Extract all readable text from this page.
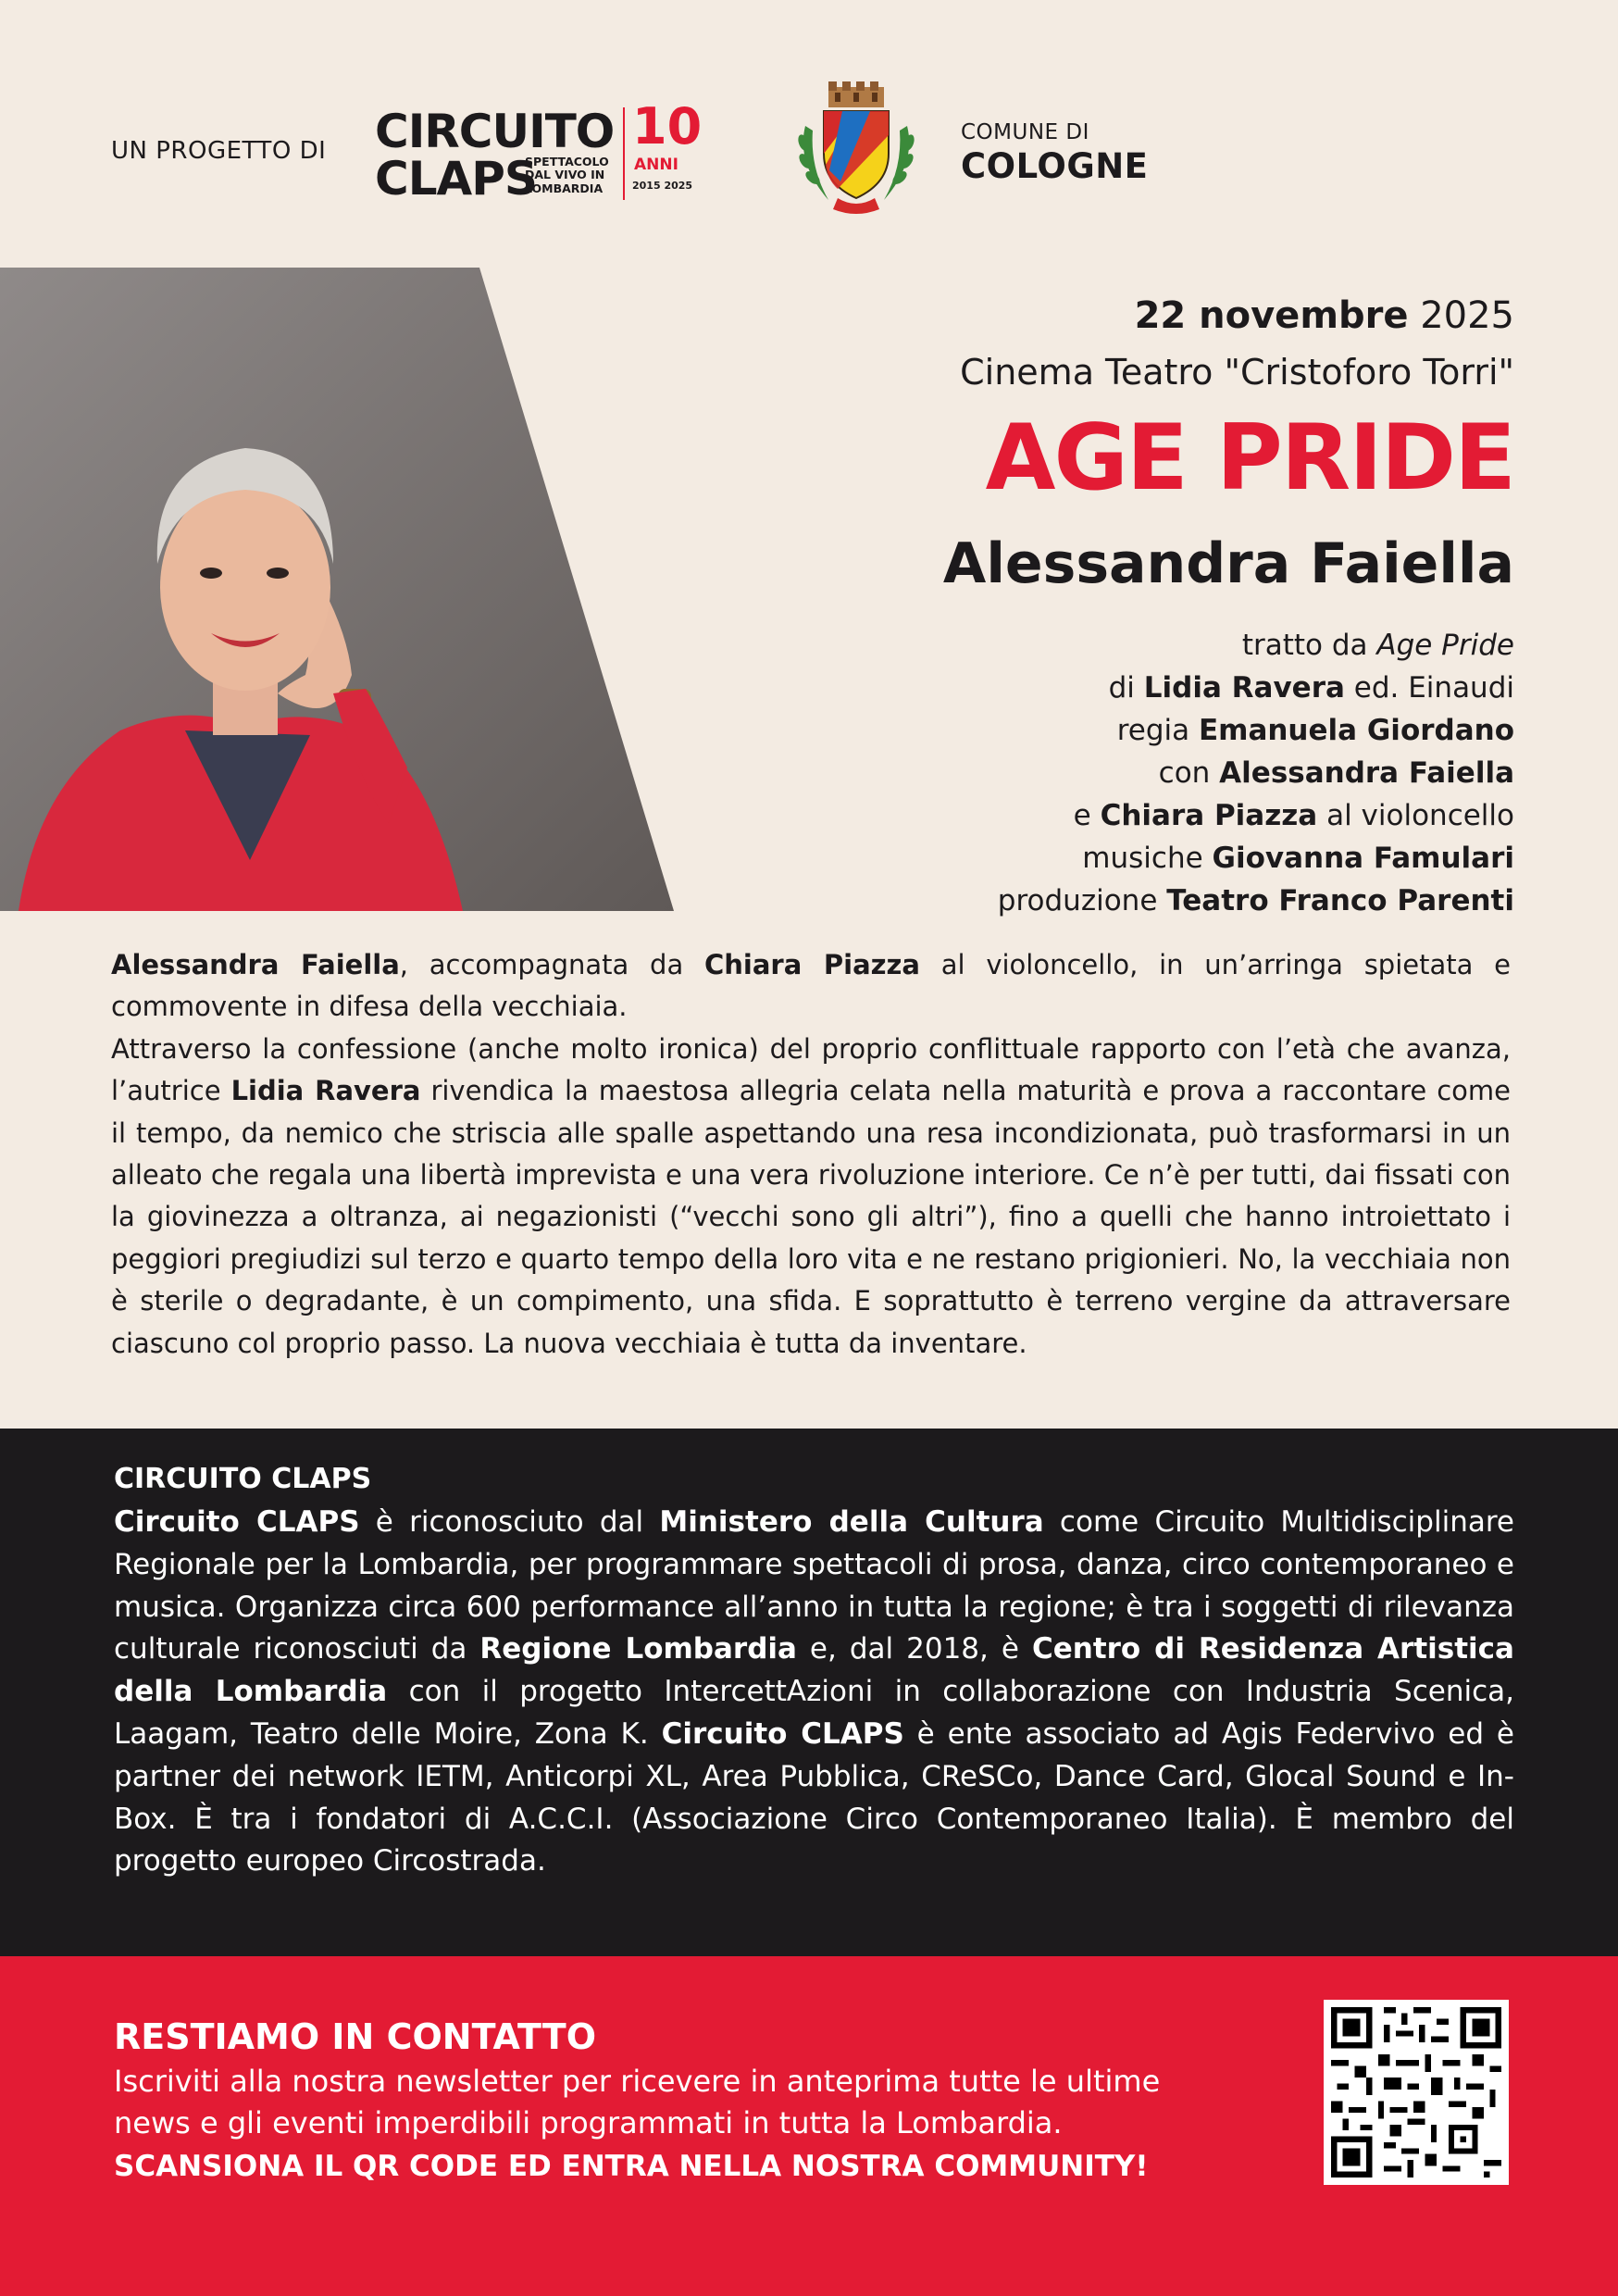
UN PROGETTO DI CIRCUITO
CLAPS
SPETTACOLO
DAL VIVO IN
LOMBARDIA
10
ANNI
2015 2025
COMUNE DI
COLOGNE
22 novembre 2025
Cinema Teatro "Cristoforo Torri"
AGE PRIDE
Alessandra Faiella
tratto da Age Pride
di Lidia Ravera ed. Einaudi
regia Emanuela Giordano
con Alessandra Faiella
e Chiara Piazza al violoncello
musiche Giovanna Famulari
produzione Teatro Franco Parenti

Alessandra Faiella, accompagnata da Chiara Piazza al violoncello, in un’arringa spietata e commovente in difesa della vecchiaia.

Attraverso la confessione (anche molto ironica) del proprio conflittuale rapporto con l’età che avanza, l’autrice Lidia Ravera rivendica la maestosa allegria celata nella maturità e prova a raccontare come il tempo, da nemico che striscia alle spalle aspettando una resa incondizionata, può trasformarsi in un alleato che regala una libertà imprevista e una vera rivoluzione interiore. Ce n’è per tutti, dai fissati con la giovinezza a oltranza, ai negazionisti (“vecchi sono gli altri”), fino a quelli che hanno introiettato i peggiori pregiudizi sul terzo e quarto tempo della loro vita e ne restano prigionieri. No, la vecchiaia non è sterile o degradante, è un compimento, una sfida. E soprattutto è terreno vergine da attraversare ciascuno col proprio passo. La nuova vecchiaia è tutta da inventare.

CIRCUITO CLAPS

Circuito CLAPS è riconosciuto dal Ministero della Cultura come Circuito Multidisciplinare Regionale per la Lombardia, per programmare spettacoli di prosa, danza, circo contemporaneo e musica. Organizza circa 600 performance all’anno in tutta la regione; è tra i soggetti di rilevanza culturale riconosciuti da Regione Lombardia e, dal 2018, è Centro di Residenza Artistica della Lombardia con il progetto IntercettAzioni in collaborazione con Industria Scenica, Laagam, Teatro delle Moire, Zona K. Circuito CLAPS è ente associato ad Agis Federvivo ed è partner dei network IETM, Anticorpi XL, Area Pubblica, CReSCo, Dance Card, Glocal Sound e In-Box. È tra i fondatori di A.C.C.I. (Associazione Circo Contemporaneo Italia). È membro del progetto europeo Circostrada.

RESTIAMO IN CONTATTO
Iscriviti alla nostra newsletter per ricevere in anteprima tutte le ultime
news e gli eventi imperdibili programmati in tutta la Lombardia.
SCANSIONA IL QR CODE ED ENTRA NELLA NOSTRA COMMUNITY!
